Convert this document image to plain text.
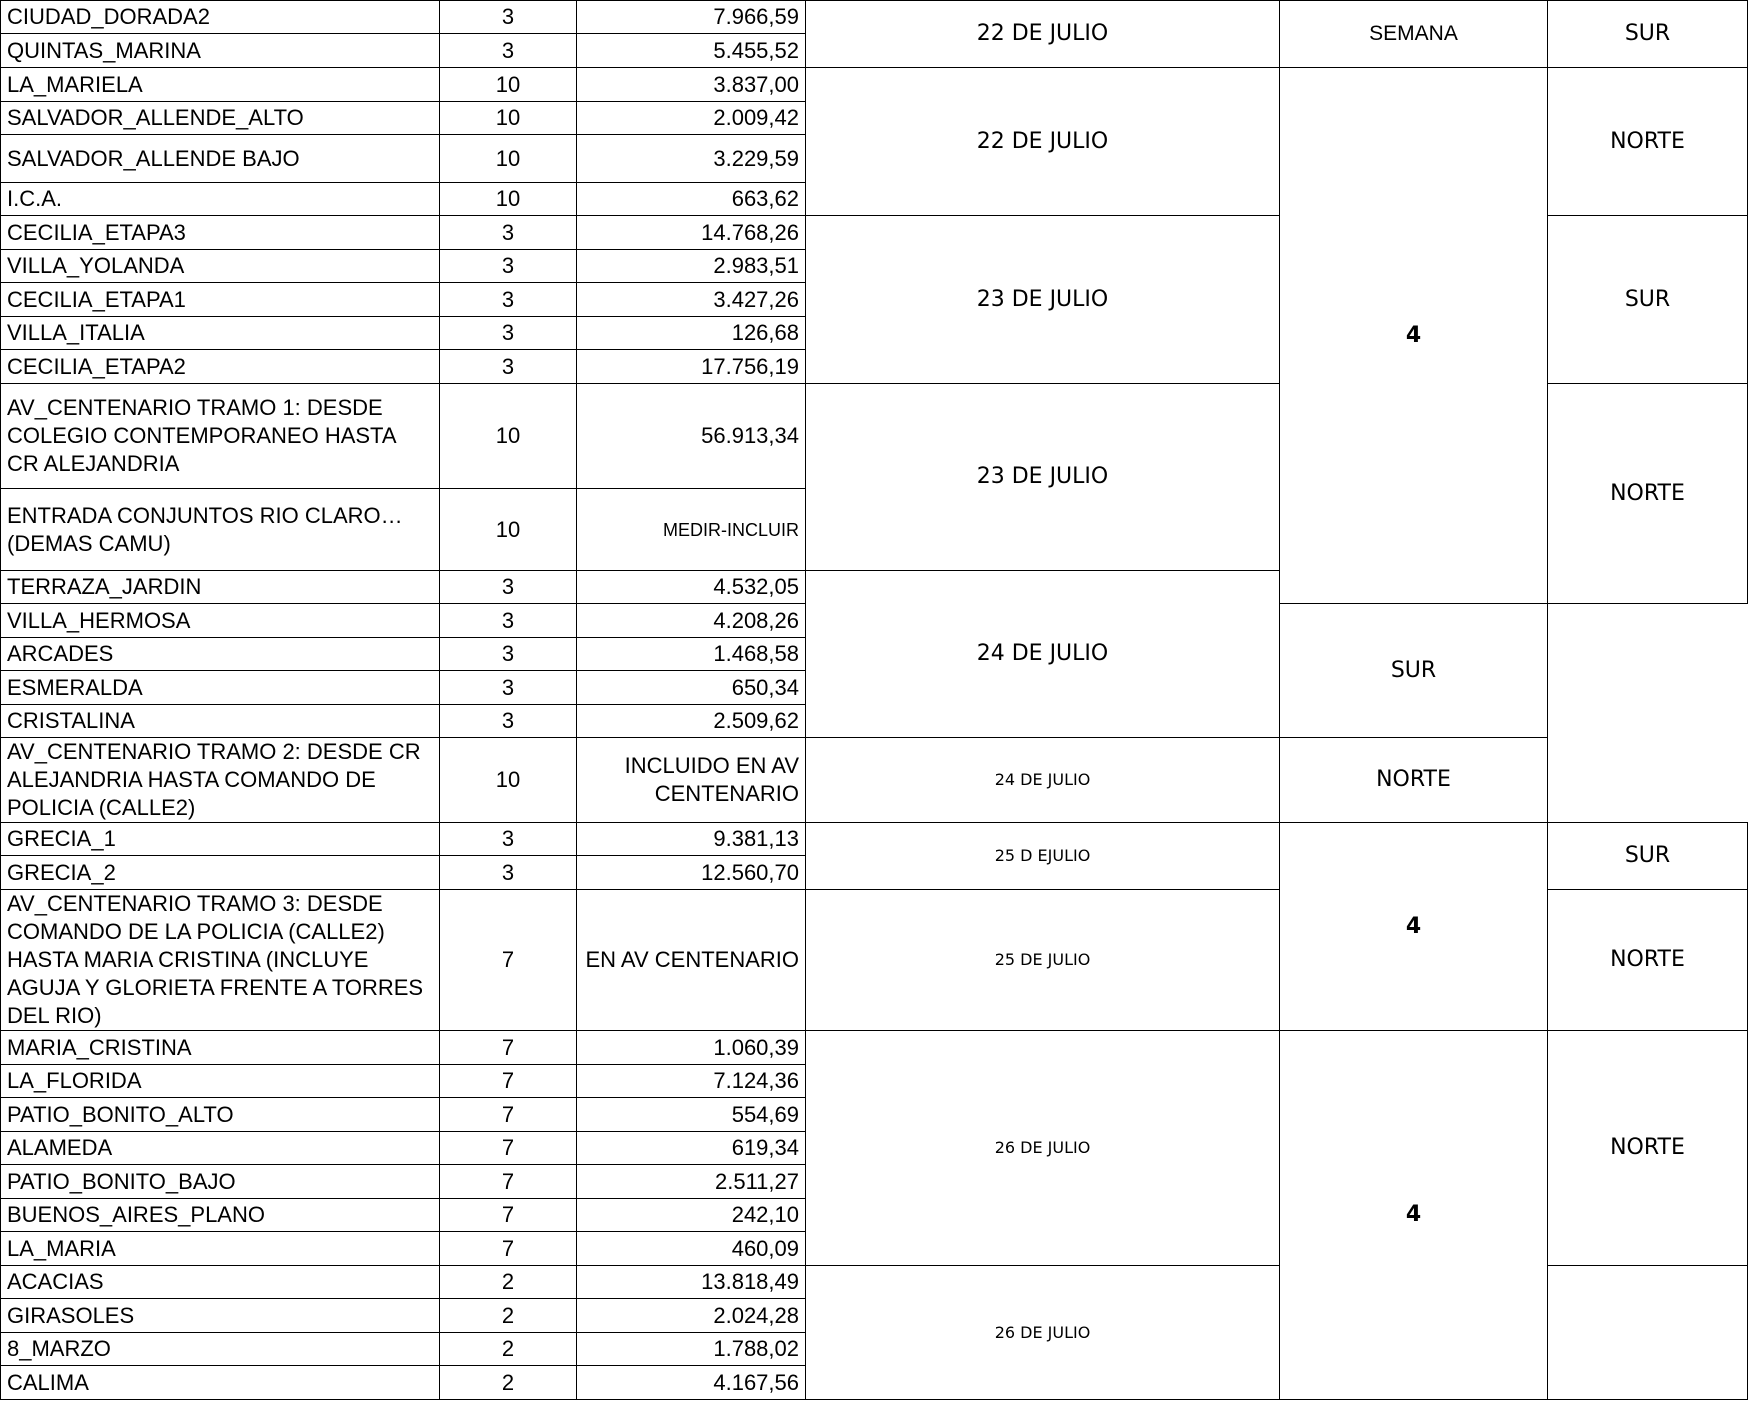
CIUDAD_DORADA2	3	7.966,59	22 DE JULIO	SEMANA	SUR
QUINTAS_MARINA	3	5.455,52			
LA_MARIELA	10	3.837,00	22 DE JULIO	4	NORTE
SALVADOR_ALLENDE_ALTO	10	2.009,42			
SALVADOR_ALLENDE BAJO	10	3.229,59			
I.C.A.	10	663,62			
CECILIA_ETAPA3	3	14.768,26	23 DE JULIO		SUR
VILLA_YOLANDA	3	2.983,51			
CECILIA_ETAPA1	3	3.427,26			
VILLA_ITALIA	3	126,68			
CECILIA_ETAPA2	3	17.756,19			
AV_CENTENARIO TRAMO 1: DESDE COLEGIO CONTEMPORANEO HASTA CR ALEJANDRIA	10	56.913,34	23 DE JULIO		NORTE
ENTRADA CONJUNTOS RIO CLARO…(DEMAS CAMU)	10	MEDIR-INCLUIR			
TERRAZA_JARDIN	3	4.532,05	24 DE JULIO		
VILLA_HERMOSA	3	4.208,26		SUR	
ARCADES	3	1.468,58			
ESMERALDA	3	650,34			
CRISTALINA	3	2.509,62			
AV_CENTENARIO TRAMO 2: DESDE CR ALEJANDRIA HASTA COMANDO DE POLICIA (CALLE2)	10	INCLUIDO EN AV CENTENARIO	24 DE JULIO	NORTE	
GRECIA_1	3	9.381,13	25 D EJULIO	4	SUR
GRECIA_2	3	12.560,70			
AV_CENTENARIO TRAMO 3: DESDE COMANDO DE LA POLICIA (CALLE2) HASTA MARIA CRISTINA (INCLUYE AGUJA Y GLORIETA FRENTE A TORRES DEL RIO)	7	EN AV CENTENARIO	25 DE JULIO		NORTE
MARIA_CRISTINA	7	1.060,39	26 DE JULIO	4	NORTE
LA_FLORIDA	7	7.124,36			
PATIO_BONITO_ALTO	7	554,69			
ALAMEDA	7	619,34			
PATIO_BONITO_BAJO	7	2.511,27			
BUENOS_AIRES_PLANO	7	242,10			
LA_MARIA	7	460,09			
ACACIAS	2	13.818,49	26 DE JULIO		
GIRASOLES	2	2.024,28			
8_MARZO	2	1.788,02			
CALIMA	2	4.167,56			
